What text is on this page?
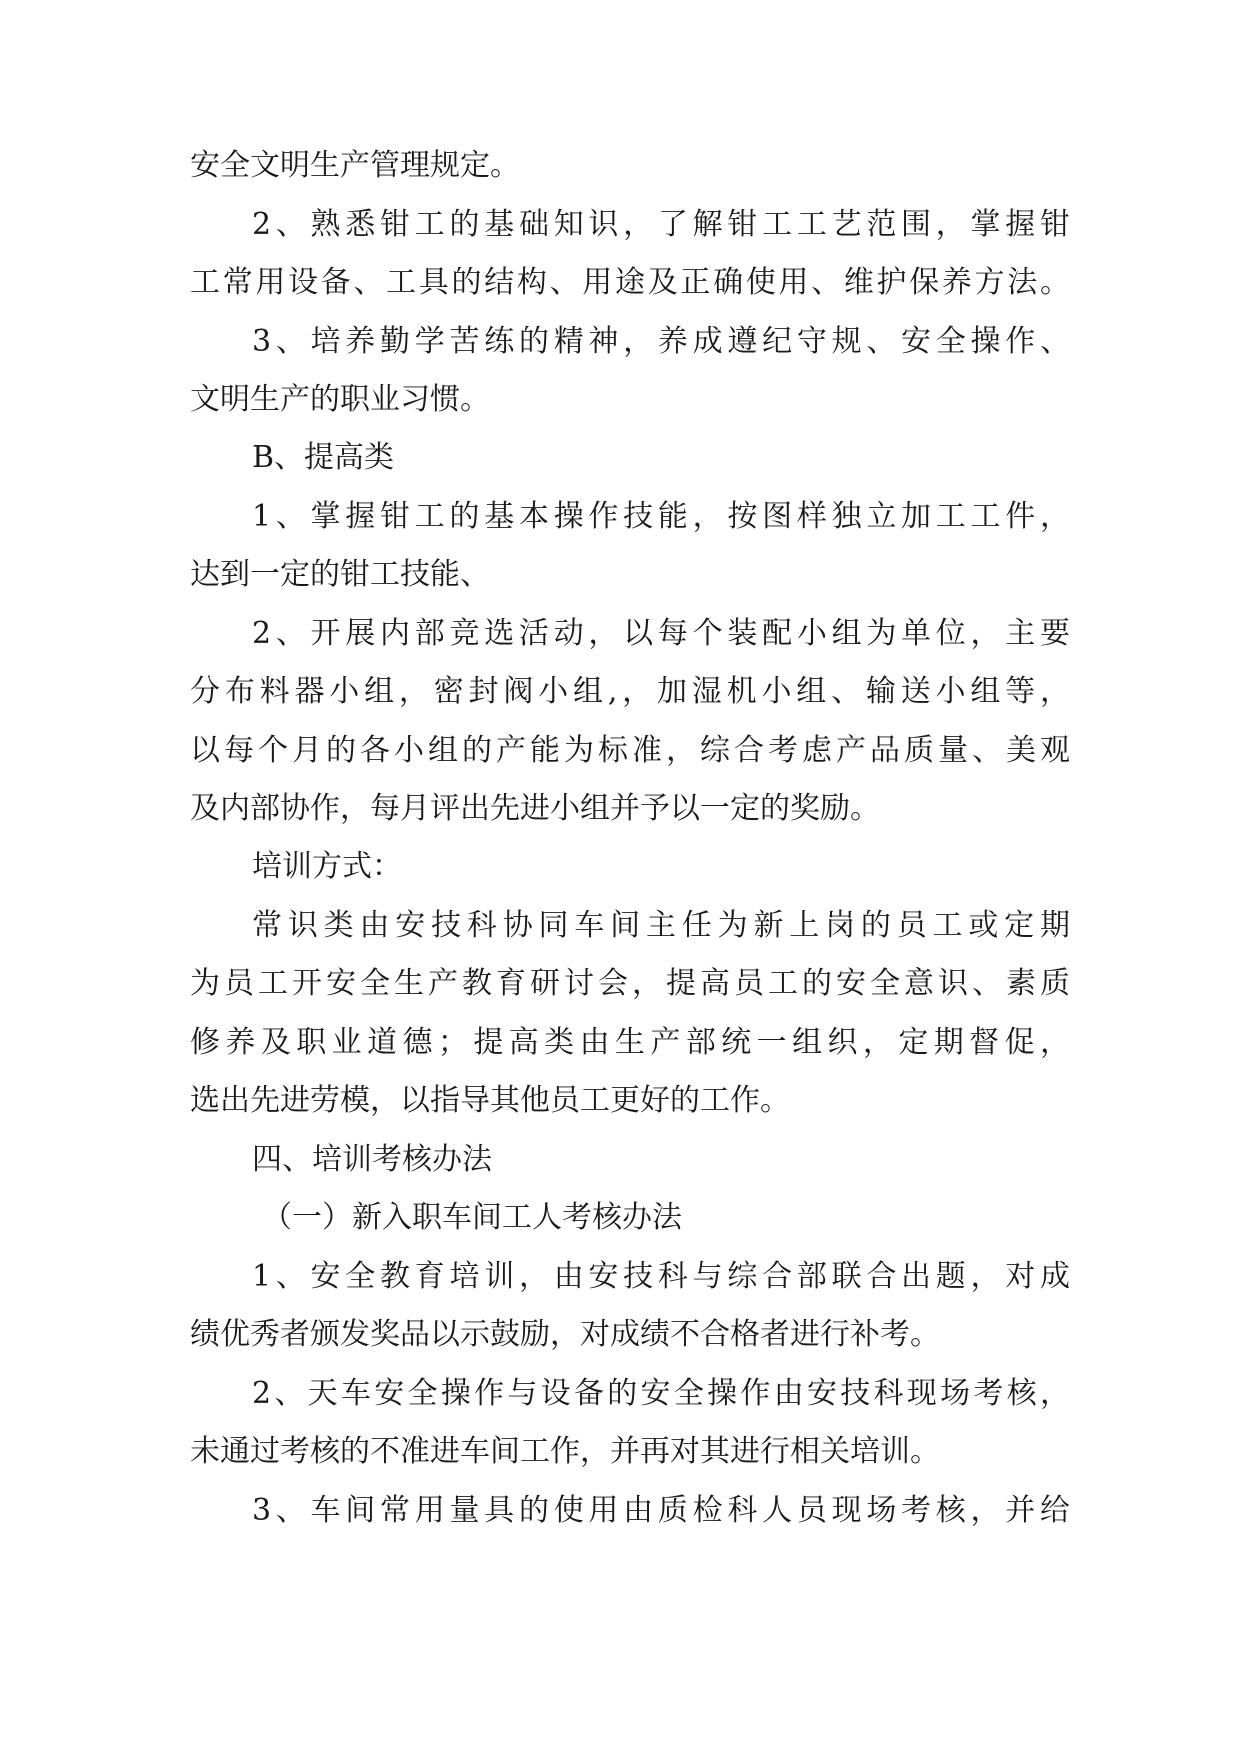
安全文明生产管理规定。
2、熟悉钳工的基础知识，了解钳工工艺范围，掌握钳
工常用设备、工具的结构、用途及正确使用、维护保养方法。
3、培养勤学苦练的精神，养成遵纪守规、安全操作、
文明生产的职业习惯。
B、提高类
1、掌握钳工的基本操作技能，按图样独立加工工件，
达到一定的钳工技能、
2、开展内部竞选活动，以每个装配小组为单位，主要
分布料器小组，密封阀小组,，加湿机小组、输送小组等，
以每个月的各小组的产能为标准，综合考虑产品质量、美观
及内部协作，每月评出先进小组并予以一定的奖励。
培训方式：
常识类由安技科协同车间主任为新上岗的员工或定期
为员工开安全生产教育研讨会，提高员工的安全意识、素质
修养及职业道德；提高类由生产部统一组织，定期督促，
选出先进劳模，以指导其他员工更好的工作。
四、培训考核办法
（一）新入职车间工人考核办法
1、安全教育培训，由安技科与综合部联合出题，对成
绩优秀者颁发奖品以示鼓励，对成绩不合格者进行补考。
2、天车安全操作与设备的安全操作由安技科现场考核，
未通过考核的不准进车间工作，并再对其进行相关培训。
3、车间常用量具的使用由质检科人员现场考核，并给
